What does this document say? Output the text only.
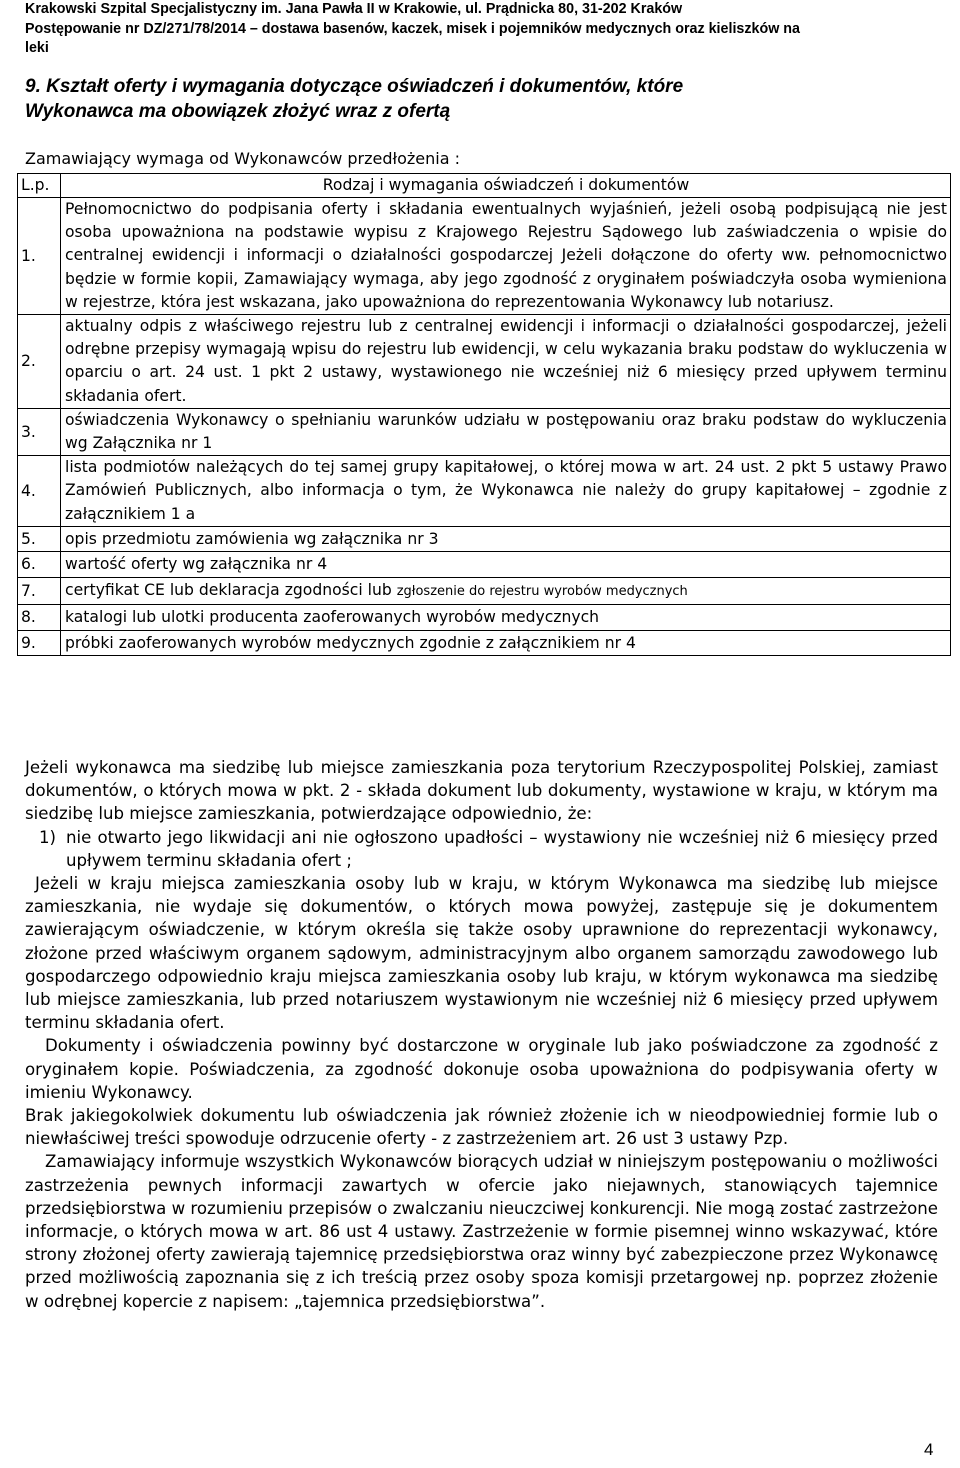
Krakowski Szpital Specjalistyczny im. Jana Pawła II w Krakowie, ul. Prądnicka 80, 31-202 Kraków
Postępowanie nr DZ/271/78/2014 – dostawa basenów, kaczek, misek i pojemników medycznych oraz kieliszków na
leki
9. Kształt oferty i wymagania dotyczące oświadczeń i dokumentów, które
Wykonawca ma obowiązek złożyć wraz z ofertą
Zamawiający wymaga od Wykonawców przedłożenia :
L.p.	Rodzaj i wymagania oświadczeń i dokumentów
1.	Pełnomocnictwo do podpisania oferty i składania ewentualnych wyjaśnień, jeżeli osobą podpisującą nie jest osoba upoważniona na podstawie wypisu z Krajowego Rejestru Sądowego lub zaświadczenia o wpisie do centralnej ewidencji i informacji o działalności gospodarczej Jeżeli dołączone do oferty ww. pełnomocnictwo będzie w formie kopii, Zamawiający wymaga, aby jego zgodność z oryginałem poświadczyła osoba wymieniona w rejestrze, która jest wskazana, jako upoważniona do reprezentowania Wykonawcy lub notariusz.
2.	aktualny odpis z właściwego rejestru lub z centralnej ewidencji i informacji o działalności gospodarczej, jeżeli odrębne przepisy wymagają wpisu do rejestru lub ewidencji, w celu wykazania braku podstaw do wykluczenia w oparciu o art. 24 ust. 1 pkt 2 ustawy, wystawionego nie wcześniej niż 6 miesięcy przed upływem terminu składania ofert.
3.	oświadczenia Wykonawcy o spełnianiu warunków udziału w postępowaniu oraz braku podstaw do wykluczenia wg Załącznika nr 1
4.	lista podmiotów należących do tej samej grupy kapitałowej, o której mowa w art. 24 ust. 2 pkt 5 ustawy Prawo Zamówień Publicznych, albo informacja o tym, że Wykonawca nie należy do grupy kapitałowej – zgodnie z załącznikiem 1 a
5.	opis przedmiotu zamówienia wg załącznika nr 3
6.	wartość oferty wg załącznika nr 4
7.	certyfikat CE lub deklaracja zgodności lub zgłoszenie do rejestru wyrobów medycznych
8.	katalogi lub ulotki producenta zaoferowanych wyrobów medycznych
9.	próbki zaoferowanych wyrobów medycznych zgodnie z załącznikiem nr 4

Jeżeli wykonawca ma siedzibę lub miejsce zamieszkania poza terytorium Rzeczypospolitej Polskiej, zamiast dokumentów, o których mowa w pkt. 2 - składa dokument lub dokumenty, wystawione w kraju, w którym ma siedzibę lub miejsce zamieszkania, potwierdzające odpowiednio, że:

1) nie otwarto jego likwidacji ani nie ogłoszono upadłości – wystawiony nie wcześniej niż 6 miesięcy przed upływem terminu składania ofert ;

Jeżeli w kraju miejsca zamieszkania osoby lub w kraju, w którym Wykonawca ma siedzibę lub miejsce zamieszkania, nie wydaje się dokumentów, o których mowa powyżej, zastępuje się je dokumentem zawierającym oświadczenie, w którym określa się także osoby uprawnione do reprezentacji wykonawcy, złożone przed właściwym organem sądowym, administracyjnym albo organem samorządu zawodowego lub gospodarczego odpowiednio kraju miejsca zamieszkania osoby lub kraju, w którym wykonawca ma siedzibę lub miejsce zamieszkania, lub przed notariuszem wystawionym nie wcześniej niż 6 miesięcy przed upływem terminu składania ofert.

Dokumenty i oświadczenia powinny być dostarczone w oryginale lub jako poświadczone za zgodność z oryginałem kopie. Poświadczenia, za zgodność dokonuje osoba upoważniona do podpisywania oferty w imieniu Wykonawcy.

Brak jakiegokolwiek dokumentu lub oświadczenia jak również złożenie ich w nieodpowiedniej formie lub o niewłaściwej treści spowoduje odrzucenie oferty - z zastrzeżeniem art. 26 ust 3 ustawy Pzp.

Zamawiający informuje wszystkich Wykonawców biorących udział w niniejszym postępowaniu o możliwości zastrzeżenia pewnych informacji zawartych w ofercie jako niejawnych, stanowiących tajemnice przedsiębiorstwa w rozumieniu przepisów o zwalczaniu nieuczciwej konkurencji. Nie mogą zostać zastrzeżone informacje, o których mowa w art. 86 ust 4 ustawy. Zastrzeżenie w formie pisemnej winno wskazywać, które strony złożonej oferty zawierają tajemnicę przedsiębiorstwa oraz winny być zabezpieczone przez Wykonawcę przed możliwością zapoznania się z ich treścią przez osoby spoza komisji przetargowej np. poprzez złożenie w odrębnej kopercie z napisem: „tajemnica przedsiębiorstwa”.

4
